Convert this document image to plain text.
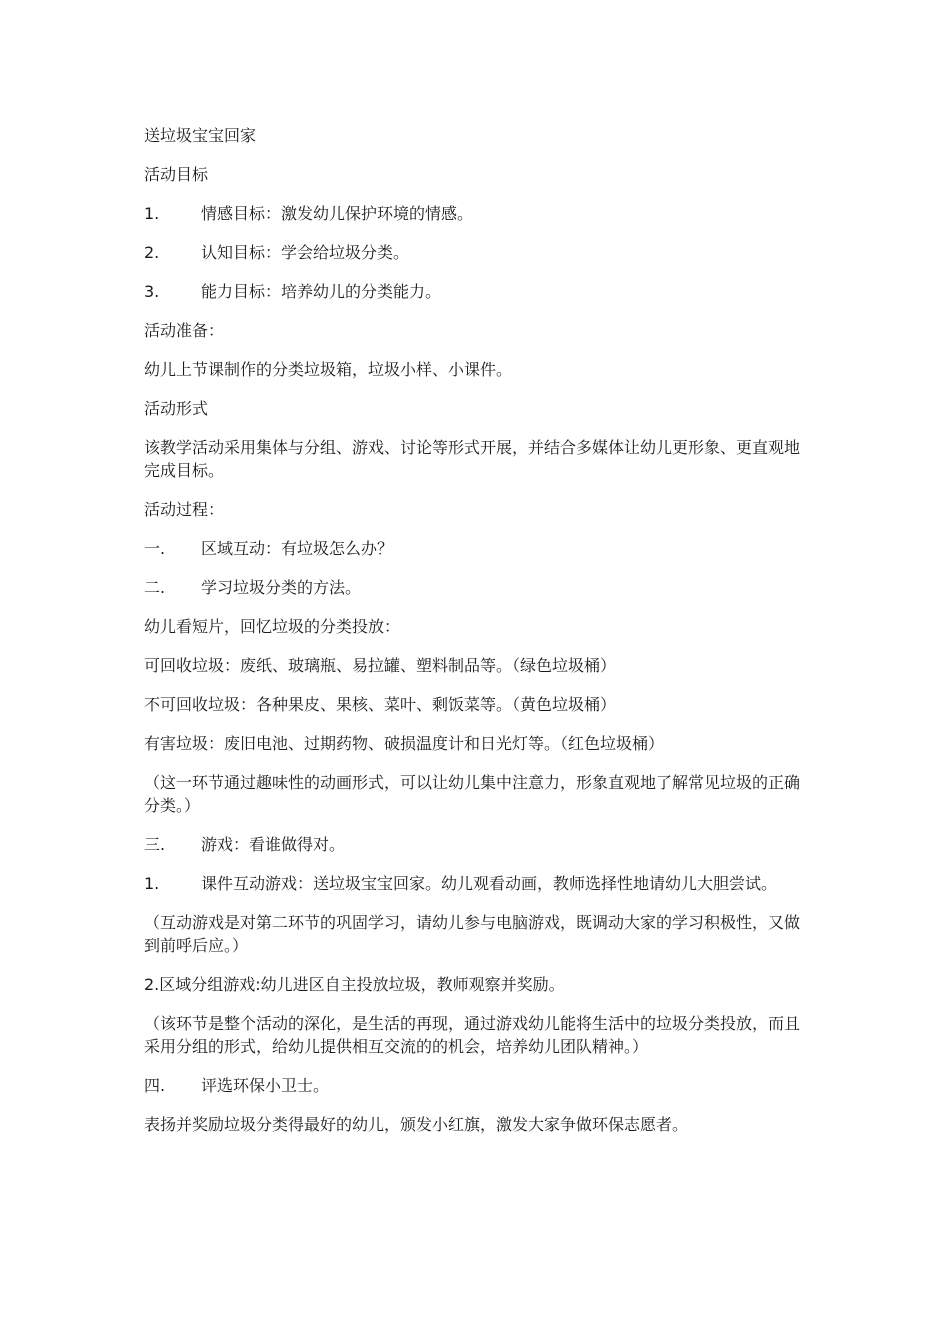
送垃圾宝宝回家

活动目标

1.	情感目标：激发幼儿保护环境的情感。
2.	认知目标：学会给垃圾分类。
3.	能力目标：培养幼儿的分类能力。

活动准备：

幼儿上节课制作的分类垃圾箱，垃圾小样、小课件。

活动形式

该教学活动采用集体与分组、游戏、讨论等形式开展，并结合多媒体让幼儿更形象、更直观地完成目标。

活动过程：

一.	区域互动：有垃圾怎么办？
二.	学习垃圾分类的方法。

幼儿看短片，回忆垃圾的分类投放：

可回收垃圾：废纸、玻璃瓶、易拉罐、塑料制品等。（绿色垃圾桶）

不可回收垃圾：各种果皮、果核、菜叶、剩饭菜等。（黄色垃圾桶）

有害垃圾：废旧电池、过期药物、破损温度计和日光灯等。（红色垃圾桶）

（这一环节通过趣味性的动画形式，可以让幼儿集中注意力，形象直观地了解常见垃圾的正确分类。）

三.	游戏：看谁做得对。
1.	课件互动游戏：送垃圾宝宝回家。幼儿观看动画，教师选择性地请幼儿大胆尝试。

（互动游戏是对第二环节的巩固学习，请幼儿参与电脑游戏，既调动大家的学习积极性，又做到前呼后应。）

2.区域分组游戏:幼儿进区自主投放垃圾，教师观察并奖励。

（该环节是整个活动的深化，是生活的再现，通过游戏幼儿能将生活中的垃圾分类投放，而且采用分组的形式，给幼儿提供相互交流的的机会，培养幼儿团队精神。）

四.	评选环保小卫士。

表扬并奖励垃圾分类得最好的幼儿，颁发小红旗，激发大家争做环保志愿者。
